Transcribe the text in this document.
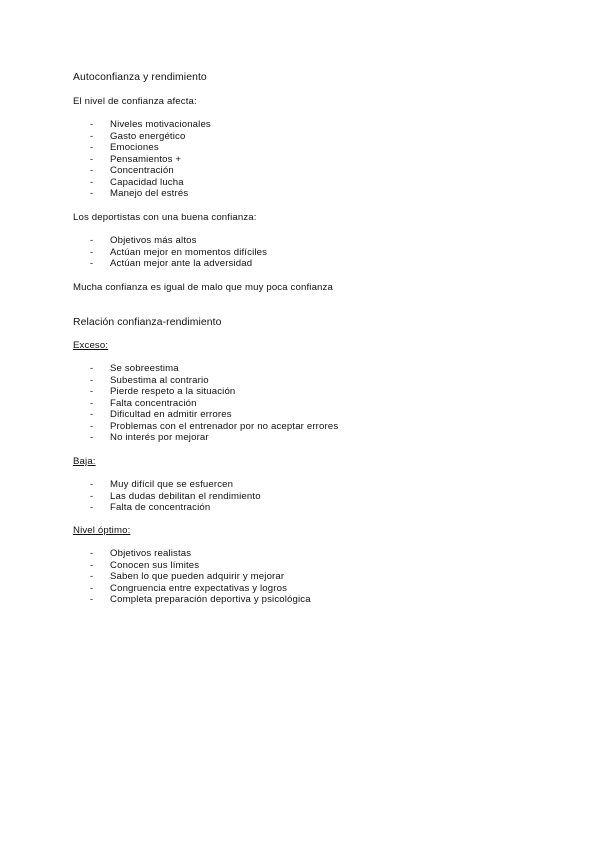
Autoconfianza y rendimiento
El nivel de confianza afecta:
- Niveles motivacionales
- Gasto energético
- Emociones
- Pensamientos +
- Concentración
- Capacidad lucha
- Manejo del estrés
Los deportistas con una buena confianza:
- Objetivos más altos
- Actúan mejor en momentos difíciles
- Actúan mejor ante la adversidad
Mucha confianza es igual de malo que muy poca confianza
Relación confianza-rendimiento
Exceso:
- Se sobreestima
- Subestima al contrario
- Pierde respeto a la situación
- Falta concentración
- Dificultad en admitir errores
- Problemas con el entrenador por no aceptar errores
- No interés por mejorar
Baja:
- Muy difícil que se esfuercen
- Las dudas debilitan el rendimiento
- Falta de concentración
Nivel óptimo:
- Objetivos realistas
- Conocen sus límites
- Saben lo que pueden adquirir y mejorar
- Congruencia entre expectativas y logros
- Completa preparación deportiva y psicológica
